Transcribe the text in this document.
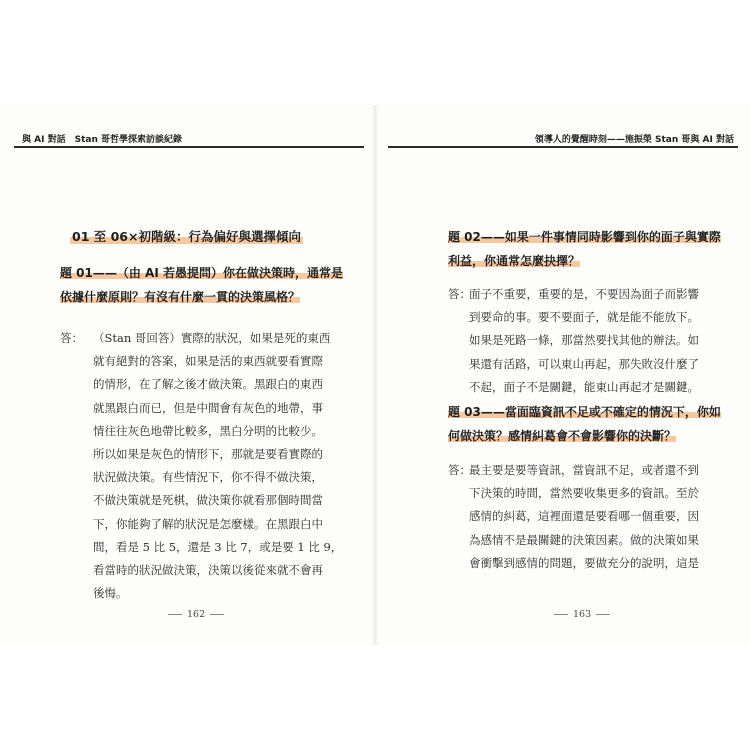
與 AI 對話　Stan 哥哲學探索訪談紀錄	領導人的覺醒時刻——施振榮 Stan 哥與 AI 對話
01 至 06×初階級：行為偏好與選擇傾向
題 01——（由 AI 若愚提問）你在做決策時，通常是
依據什麼原則？有沒有什麼一貫的決策風格？
答： （Stan 哥回答）實際的狀況，如果是死的東西
就有絕對的答案，如果是活的東西就要看實際
的情形，在了解之後才做決策。黑跟白的東西
就黑跟白而已，但是中間會有灰色的地帶，事
情往往灰色地帶比較多，黑白分明的比較少。
所以如果是灰色的情形下，那就是要看實際的
狀況做決策。有些情況下，你不得不做決策，
不做決策就是死棋，做決策你就看那個時間當
下，你能夠了解的狀況是怎麼樣。在黑跟白中
間，看是 5 比 5，還是 3 比 7，或是要 1 比 9，
看當時的狀況做決策，決策以後從來就不會再
後悔。
162
題 02——如果一件事情同時影響到你的面子與實際
利益，你通常怎麼抉擇？
答：
面子不重要，重要的是，不要因為面子而影響
到要命的事。要不要面子，就是能不能放下。
如果是死路一條，那當然要找其他的辦法。如
果還有活路，可以東山再起，那失敗沒什麼了
不起，面子不是關鍵，能東山再起才是關鍵。
題 03——當面臨資訊不足或不確定的情況下，你如
何做決策？感情糾葛會不會影響你的決斷？
答：
最主要是要等資訊，當資訊不足，或者還不到
下決策的時間，當然要收集更多的資訊。至於
感情的糾葛，這裡面還是要看哪一個重要，因
為感情不是最關鍵的決策因素。做的決策如果
會衝擊到感情的問題，要做充分的說明，這是
163
